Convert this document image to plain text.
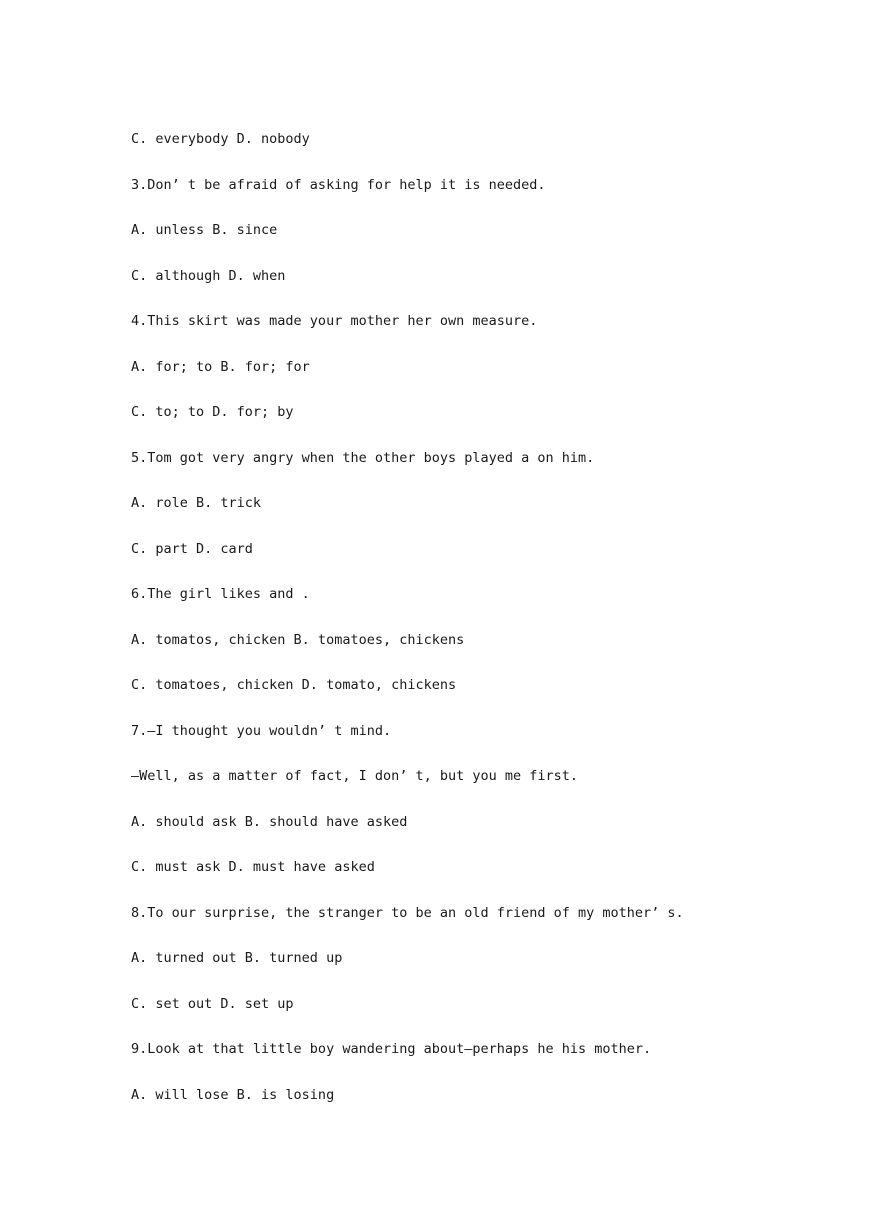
C. everybody D. nobody
3.Don’ t be afraid of asking for help it is needed.
A. unless B. since
C. although D. when
4.This skirt was made your mother her own measure.
A. for; to B. for; for
C. to; to D. for; by
5.Tom got very angry when the other boys played a on him.
A. role B. trick
C. part D. card
6.The girl likes and .
A. tomatos, chicken B. tomatoes, chickens
C. tomatoes, chicken D. tomato, chickens
7.—I thought you wouldn’ t mind.
—Well, as a matter of fact, I don’ t, but you me first.
A. should ask B. should have asked
C. must ask D. must have asked
8.To our surprise, the stranger to be an old friend of my mother’ s.
A. turned out B. turned up
C. set out D. set up
9.Look at that little boy wandering about—perhaps he his mother.
A. will lose B. is losing
